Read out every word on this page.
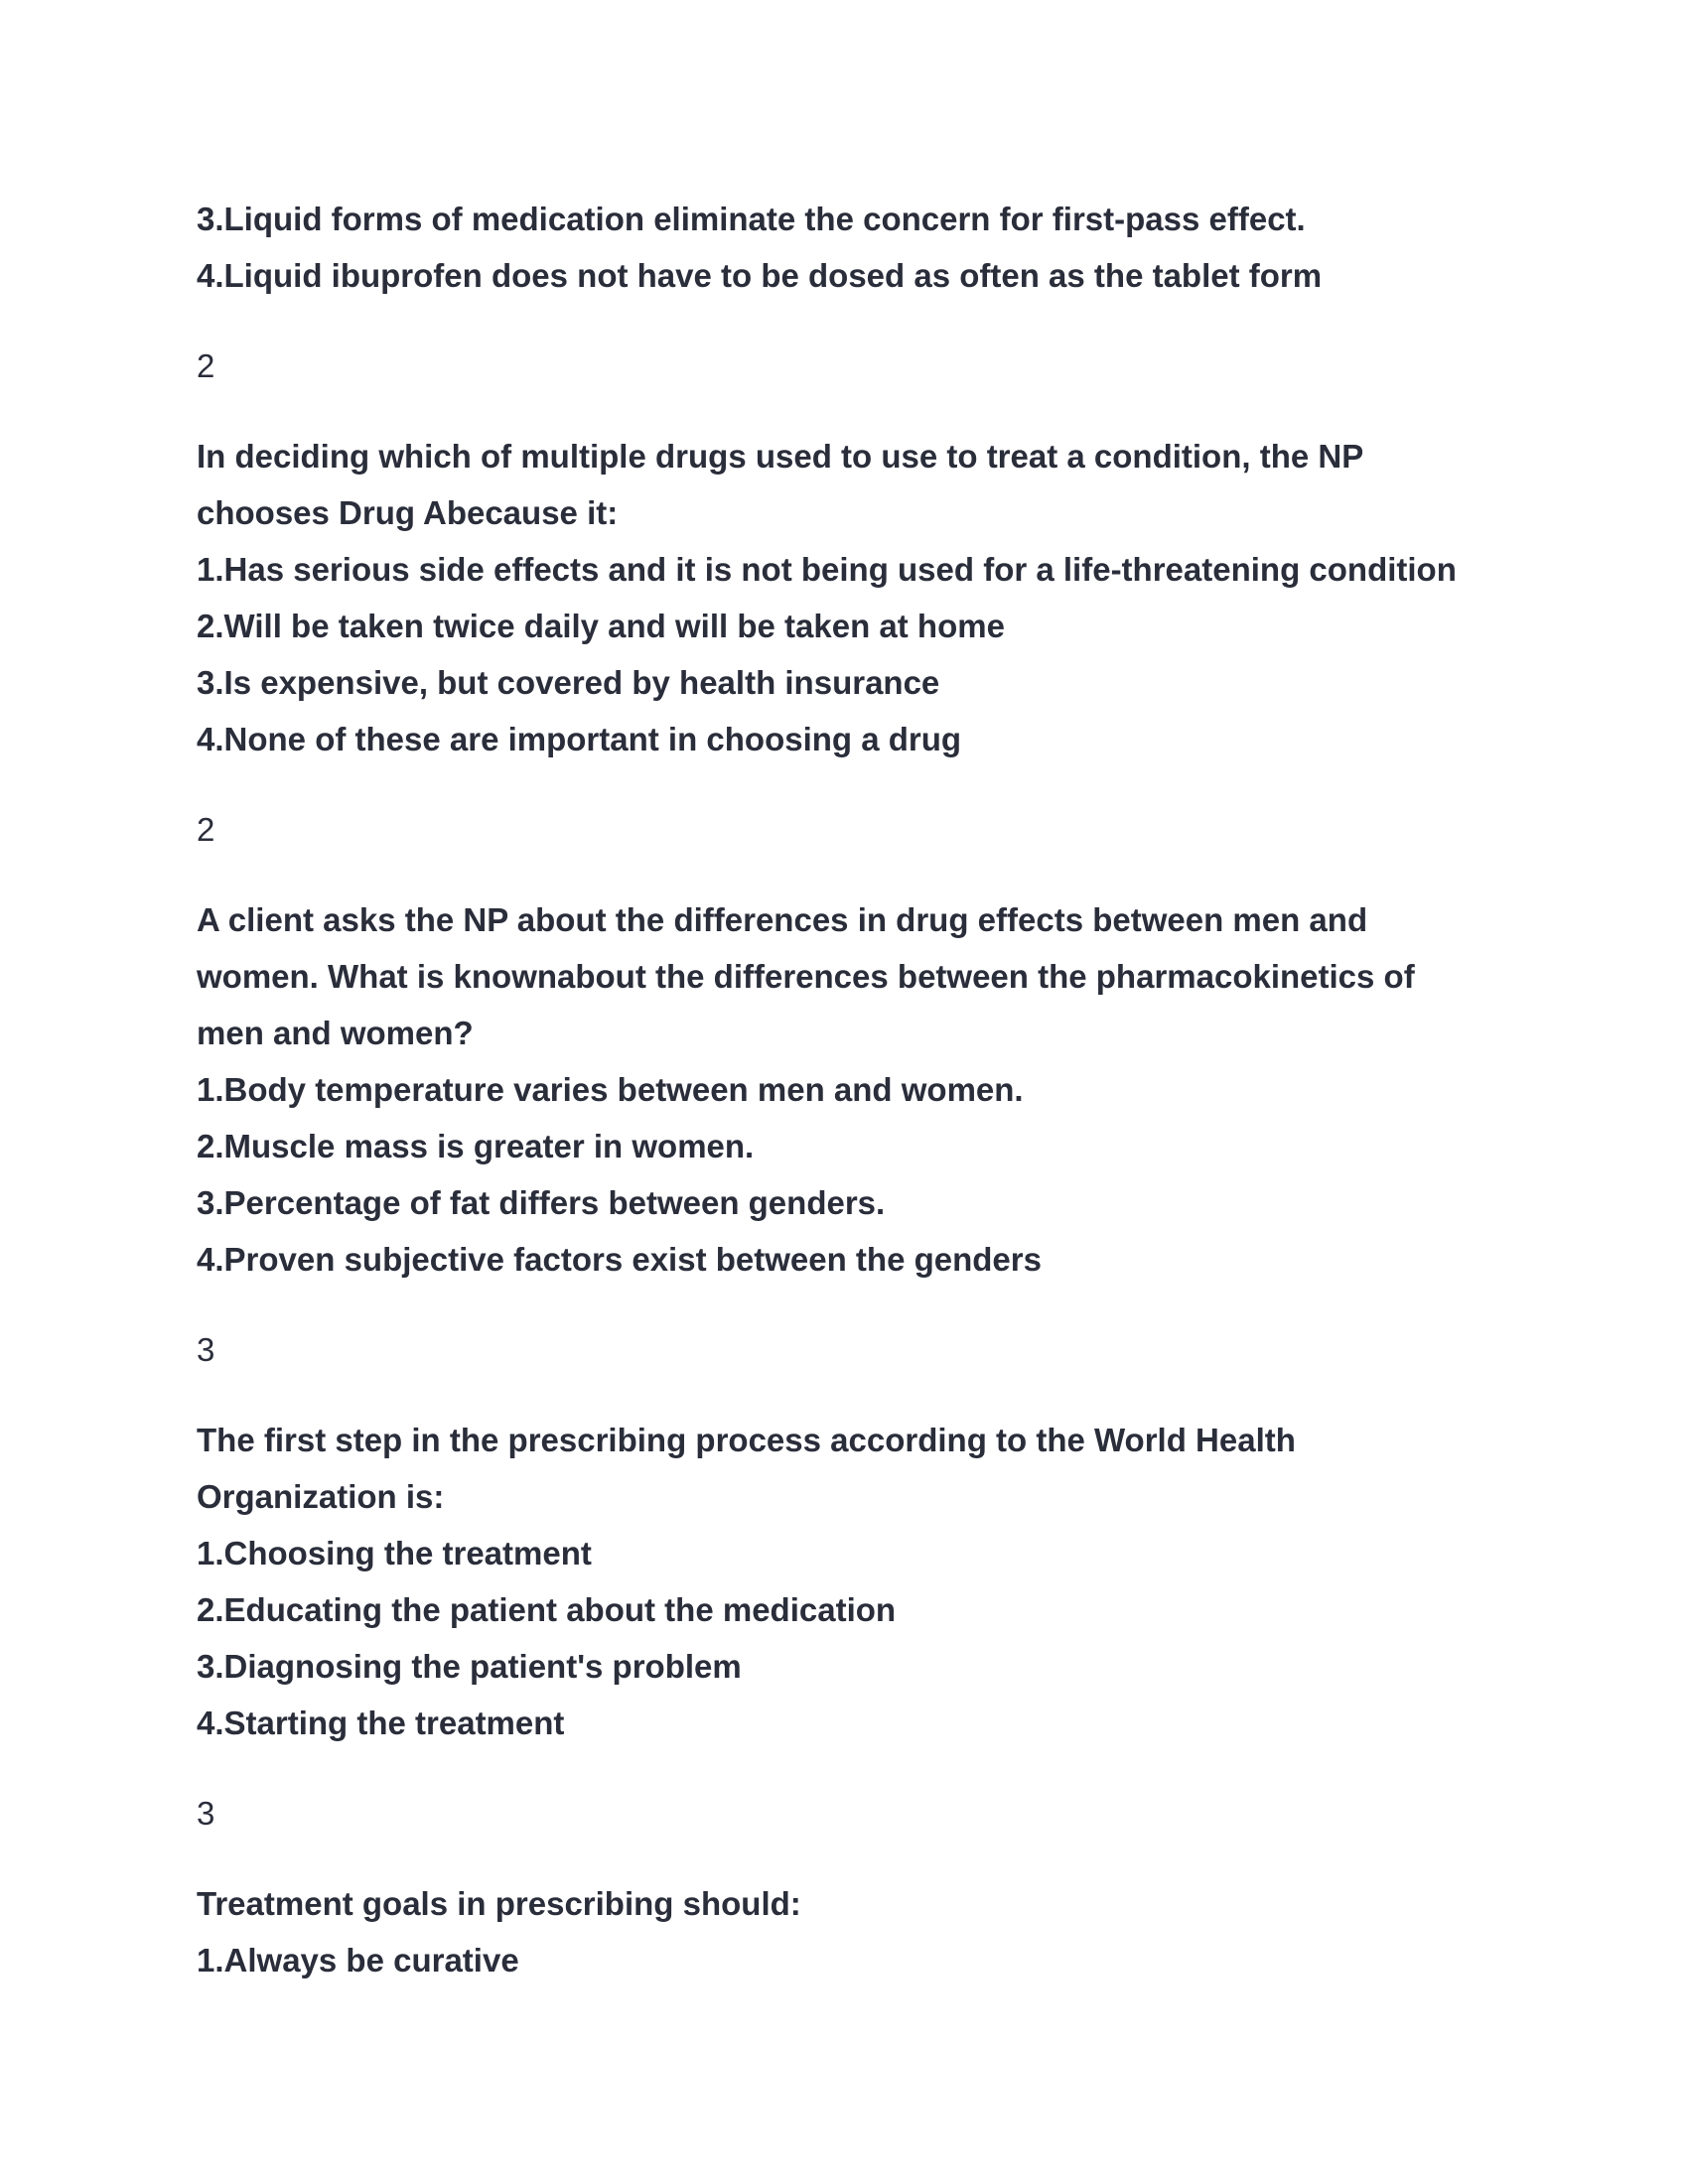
3.Liquid forms of medication eliminate the concern for first-pass effect.
4.Liquid ibuprofen does not have to be dosed as often as the tablet form
2
In deciding which of multiple drugs used to use to treat a condition, the NP
chooses Drug Abecause it:
1.Has serious side effects and it is not being used for a life-threatening condition
2.Will be taken twice daily and will be taken at home
3.Is expensive, but covered by health insurance
4.None of these are important in choosing a drug
2
A client asks the NP about the differences in drug effects between men and
women. What is knownabout the differences between the pharmacokinetics of
men and women?
1.Body temperature varies between men and women.
2.Muscle mass is greater in women.
3.Percentage of fat differs between genders.
4.Proven subjective factors exist between the genders
3
The first step in the prescribing process according to the World Health
Organization is:
1.Choosing the treatment
2.Educating the patient about the medication
3.Diagnosing the patient's problem
4.Starting the treatment
3
Treatment goals in prescribing should:
1.Always be curative
